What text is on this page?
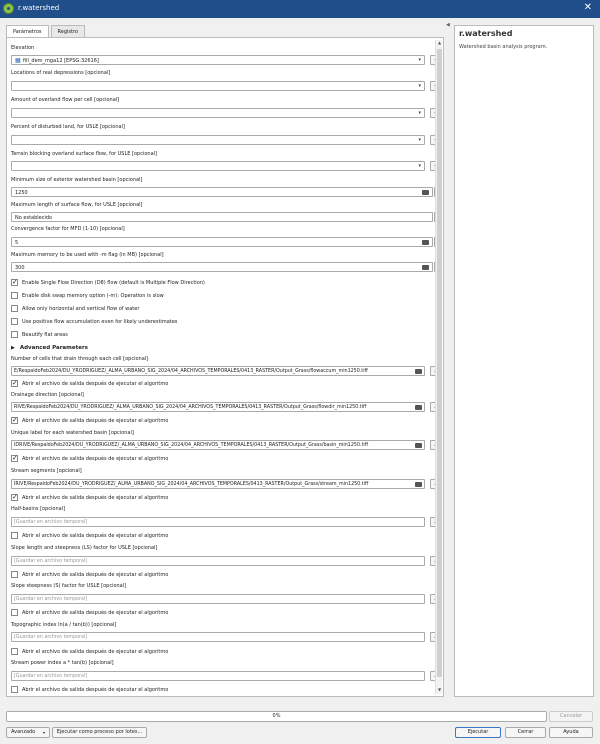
r.watershed	✕
Parámetros	Registro
◀
Elevation
▦ fill_dem_mga12 [EPSG:32616]	▾
Locations of real depressions [opcional]
▾
Amount of overland flow per cell [opcional]
▾
Percent of disturbed land, for USLE [opcional]
▾
Terrain blocking overland surface flow, for USLE [opcional]
▾
Minimum size of exterior watershed basin [opcional]
1250
Maximum length of surface flow, for USLE [opcional]
No establecido
Convergence factor for MFD (1-10) [opcional]
5
Maximum memory to be used with -m flag (in MB) [opcional]
300
✓
Enable Single Flow Direction (D8) flow (default is Multiple Flow Direction)
Enable disk swap memory option (-m): Operation is slow
Allow only horizontal and vertical flow of water
Use positive flow accumulation even for likely underestimates
Beautify flat areas
▶ Advanced Parameters
Number of cells that drain through each cell [opcional]
E/RespaldoFeb2024/DU_YRODRIGUEZ/_ALMA_URBANO_SIG_2024/04_ARCHIVOS_TEMPORALES/0413_RASTER/Output_Grass/flowaccum_min1250.tiff
✓
Abrir el archivo de salida después de ejecutar el algoritmo
Drainage direction [opcional]
RIVE/RespaldoFeb2024/DU_YRODRIGUEZ/_ALMA_URBANO_SIG_2024/04_ARCHIVOS_TEMPORALES/0413_RASTER/Output_Grass/flowdir_min1250.tiff
✓
Abrir el archivo de salida después de ejecutar el algoritmo
Unique label for each watershed basin [opcional]
IDRIVE/RespaldoFeb2024/DU_YRODRIGUEZ/_ALMA_URBANO_SIG_2024/04_ARCHIVOS_TEMPORALES/0413_RASTER/Output_Grass/basin_min1250.tiff
✓
Abrir el archivo de salida después de ejecutar el algoritmo
Stream segments [opcional]
IRIVE/RespaldoFeb2024/DU_YRODRIGUEZ/_ALMA_URBANO_SIG_2024/04_ARCHIVOS_TEMPORALES/0413_RASTER/Output_Grass/stream_min1250.tiff
✓
Abrir el archivo de salida después de ejecutar el algoritmo
Half-basins [opcional]
[Guardar en archivo temporal]
Abrir el archivo de salida después de ejecutar el algoritmo
Slope length and steepness (LS) factor for USLE [opcional]
[Guardar en archivo temporal]
Abrir el archivo de salida después de ejecutar el algoritmo
Slope steepness (S) factor for USLE [opcional]
[Guardar en archivo temporal]
Abrir el archivo de salida después de ejecutar el algoritmo
Topographic index ln(a / tan(b)) [opcional]
[Guardar en archivo temporal]
Abrir el archivo de salida después de ejecutar el algoritmo
Stream power index a * tan(b) [opcional]
[Guardar en archivo temporal]
Abrir el archivo de salida después de ejecutar el algoritmo
▲
▼
r.watershed
Watershed basin analysis program.
0%	Cancelar
Avanzado ▾	Ejecutar como proceso por lotes...	Ejecutar	Cerrar	Ayuda
